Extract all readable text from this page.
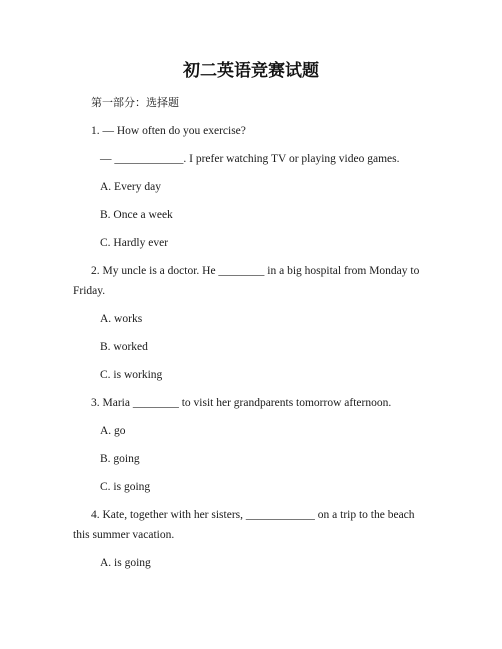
初二英语竞赛试题

第一部分：选择题

1. — How often do you exercise?

— ____________. I prefer watching TV or playing video games.

A. Every day

B. Once a week

C. Hardly ever

2. My uncle is a doctor. He ________ in a big hospital from Monday to

Friday.

A. works

B. worked

C. is working

3. Maria ________ to visit her grandparents tomorrow afternoon.

A. go

B. going

C. is going

4. Kate, together with her sisters, ____________ on a trip to the beach

this summer vacation.

A. is going
